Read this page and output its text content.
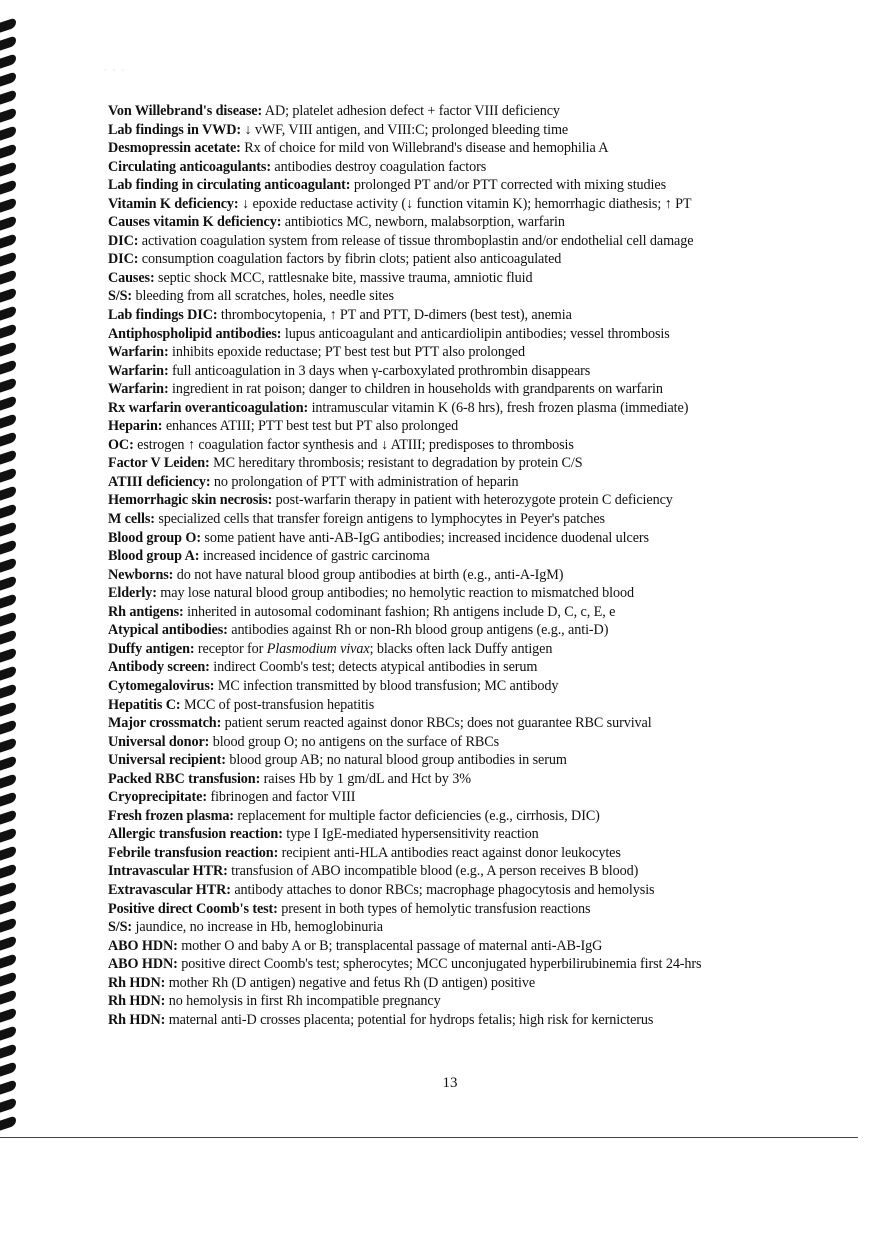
· · ·
Von Willebrand's disease: AD; platelet adhesion defect + factor VIII deficiency
Lab findings in VWD: ↓ vWF, VIII antigen, and VIII:C; prolonged bleeding time
Desmopressin acetate: Rx of choice for mild von Willebrand's disease and hemophilia A
Circulating anticoagulants: antibodies destroy coagulation factors
Lab finding in circulating anticoagulant: prolonged PT and/or PTT corrected with mixing studies
Vitamin K deficiency: ↓ epoxide reductase activity (↓ function vitamin K); hemorrhagic diathesis; ↑ PT
Causes vitamin K deficiency: antibiotics MC, newborn, malabsorption, warfarin
DIC: activation coagulation system from release of tissue thromboplastin and/or endothelial cell damage
DIC: consumption coagulation factors by fibrin clots; patient also anticoagulated
Causes: septic shock MCC, rattlesnake bite, massive trauma, amniotic fluid
S/S: bleeding from all scratches, holes, needle sites
Lab findings DIC: thrombocytopenia, ↑ PT and PTT, D-dimers (best test), anemia
Antiphospholipid antibodies: lupus anticoagulant and anticardiolipin antibodies; vessel thrombosis
Warfarin: inhibits epoxide reductase; PT best test but PTT also prolonged
Warfarin: full anticoagulation in 3 days when γ-carboxylated prothrombin disappears
Warfarin: ingredient in rat poison; danger to children in households with grandparents on warfarin
Rx warfarin overanticoagulation: intramuscular vitamin K (6-8 hrs), fresh frozen plasma (immediate)
Heparin: enhances ATIII; PTT best test but PT also prolonged
OC: estrogen ↑ coagulation factor synthesis and ↓ ATIII; predisposes to thrombosis
Factor V Leiden: MC hereditary thrombosis; resistant to degradation by protein C/S
ATIII deficiency: no prolongation of PTT with administration of heparin
Hemorrhagic skin necrosis: post-warfarin therapy in patient with heterozygote protein C deficiency
M cells: specialized cells that transfer foreign antigens to lymphocytes in Peyer's patches
Blood group O: some patient have anti-AB-IgG antibodies; increased incidence duodenal ulcers
Blood group A: increased incidence of gastric carcinoma
Newborns: do not have natural blood group antibodies at birth (e.g., anti-A-IgM)
Elderly: may lose natural blood group antibodies; no hemolytic reaction to mismatched blood
Rh antigens: inherited in autosomal codominant fashion; Rh antigens include D, C, c, E, e
Atypical antibodies: antibodies against Rh or non-Rh blood group antigens (e.g., anti-D)
Duffy antigen: receptor for Plasmodium vivax; blacks often lack Duffy antigen
Antibody screen: indirect Coomb's test; detects atypical antibodies in serum
Cytomegalovirus: MC infection transmitted by blood transfusion; MC antibody
Hepatitis C: MCC of post-transfusion hepatitis
Major crossmatch: patient serum reacted against donor RBCs; does not guarantee RBC survival
Universal donor: blood group O; no antigens on the surface of RBCs
Universal recipient: blood group AB; no natural blood group antibodies in serum
Packed RBC transfusion: raises Hb by 1 gm/dL and Hct by 3%
Cryoprecipitate: fibrinogen and factor VIII
Fresh frozen plasma: replacement for multiple factor deficiencies (e.g., cirrhosis, DIC)
Allergic transfusion reaction: type I IgE-mediated hypersensitivity reaction
Febrile transfusion reaction: recipient anti-HLA antibodies react against donor leukocytes
Intravascular HTR: transfusion of ABO incompatible blood (e.g., A person receives B blood)
Extravascular HTR: antibody attaches to donor RBCs; macrophage phagocytosis and hemolysis
Positive direct Coomb's test: present in both types of hemolytic transfusion reactions
S/S: jaundice, no increase in Hb, hemoglobinuria
ABO HDN: mother O and baby A or B; transplacental passage of maternal anti-AB-IgG
ABO HDN: positive direct Coomb's test; spherocytes; MCC unconjugated hyperbilirubinemia first 24-hrs
Rh HDN: mother Rh (D antigen) negative and fetus Rh (D antigen) positive
Rh HDN: no hemolysis in first Rh incompatible pregnancy
Rh HDN: maternal anti-D crosses placenta; potential for hydrops fetalis; high risk for kernicterus
13
